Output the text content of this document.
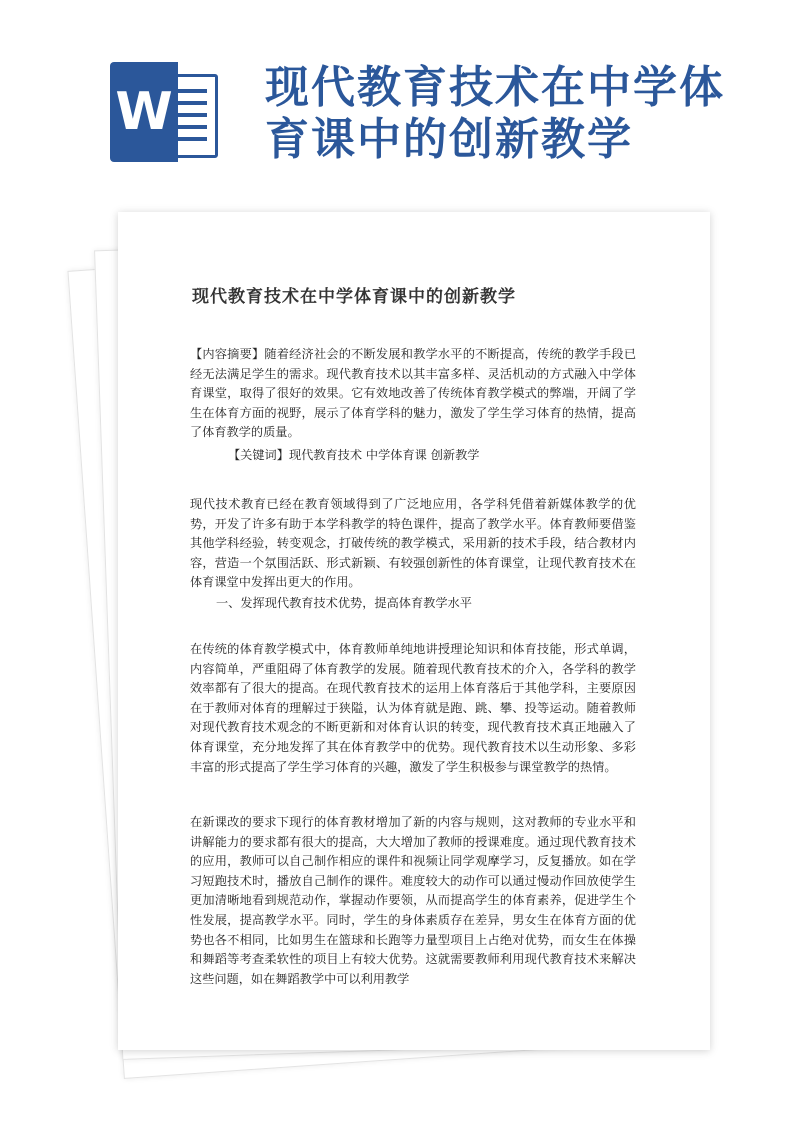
W 现代教育技术在中学体育课中的创新教学
现代教育技术在中学体育课中的创新教学

【内容摘要】随着经济社会的不断发展和教学水平的不断提高，传统的教学手段已经无法满足学生的需求。现代教育技术以其丰富多样、灵活机动的方式融入中学体育课堂，取得了很好的效果。它有效地改善了传统体育教学模式的弊端，开阔了学生在体育方面的视野，展示了体育学科的魅力，激发了学生学习体育的热情，提高了体育教学的质量。

【关键词】现代教育技术 中学体育课 创新教学

现代技术教育已经在教育领域得到了广泛地应用，各学科凭借着新媒体教学的优势，开发了许多有助于本学科教学的特色课件，提高了教学水平。体育教师要借鉴其他学科经验，转变观念，打破传统的教学模式，采用新的技术手段，结合教材内容，营造一个氛围活跃、形式新颖、有较强创新性的体育课堂，让现代教育技术在体育课堂中发挥出更大的作用。

一、发挥现代教育技术优势，提高体育教学水平

在传统的体育教学模式中，体育教师单纯地讲授理论知识和体育技能，形式单调，内容简单，严重阻碍了体育教学的发展。随着现代教育技术的介入，各学科的教学效率都有了很大的提高。在现代教育技术的运用上体育落后于其他学科，主要原因在于教师对体育的理解过于狭隘，认为体育就是跑、跳、攀、投等运动。随着教师对现代教育技术观念的不断更新和对体育认识的转变，现代教育技术真正地融入了体育课堂，充分地发挥了其在体育教学中的优势。现代教育技术以生动形象、多彩丰富的形式提高了学生学习体育的兴趣，激发了学生积极参与课堂教学的热情。

在新课改的要求下现行的体育教材增加了新的内容与规则，这对教师的专业水平和讲解能力的要求都有很大的提高，大大增加了教师的授课难度。通过现代教育技术的应用，教师可以自己制作相应的课件和视频让同学观摩学习，反复播放。如在学习短跑技术时，播放自己制作的课件。难度较大的动作可以通过慢动作回放使学生更加清晰地看到规范动作，掌握动作要领，从而提高学生的体育素养，促进学生个性发展，提高教学水平。同时，学生的身体素质存在差异，男女生在体育方面的优势也各不相同，比如男生在篮球和长跑等力量型项目上占绝对优势，而女生在体操和舞蹈等考查柔软性的项目上有较大优势。这就需要教师利用现代教育技术来解决这些问题，如在舞蹈教学中可以利用教学
